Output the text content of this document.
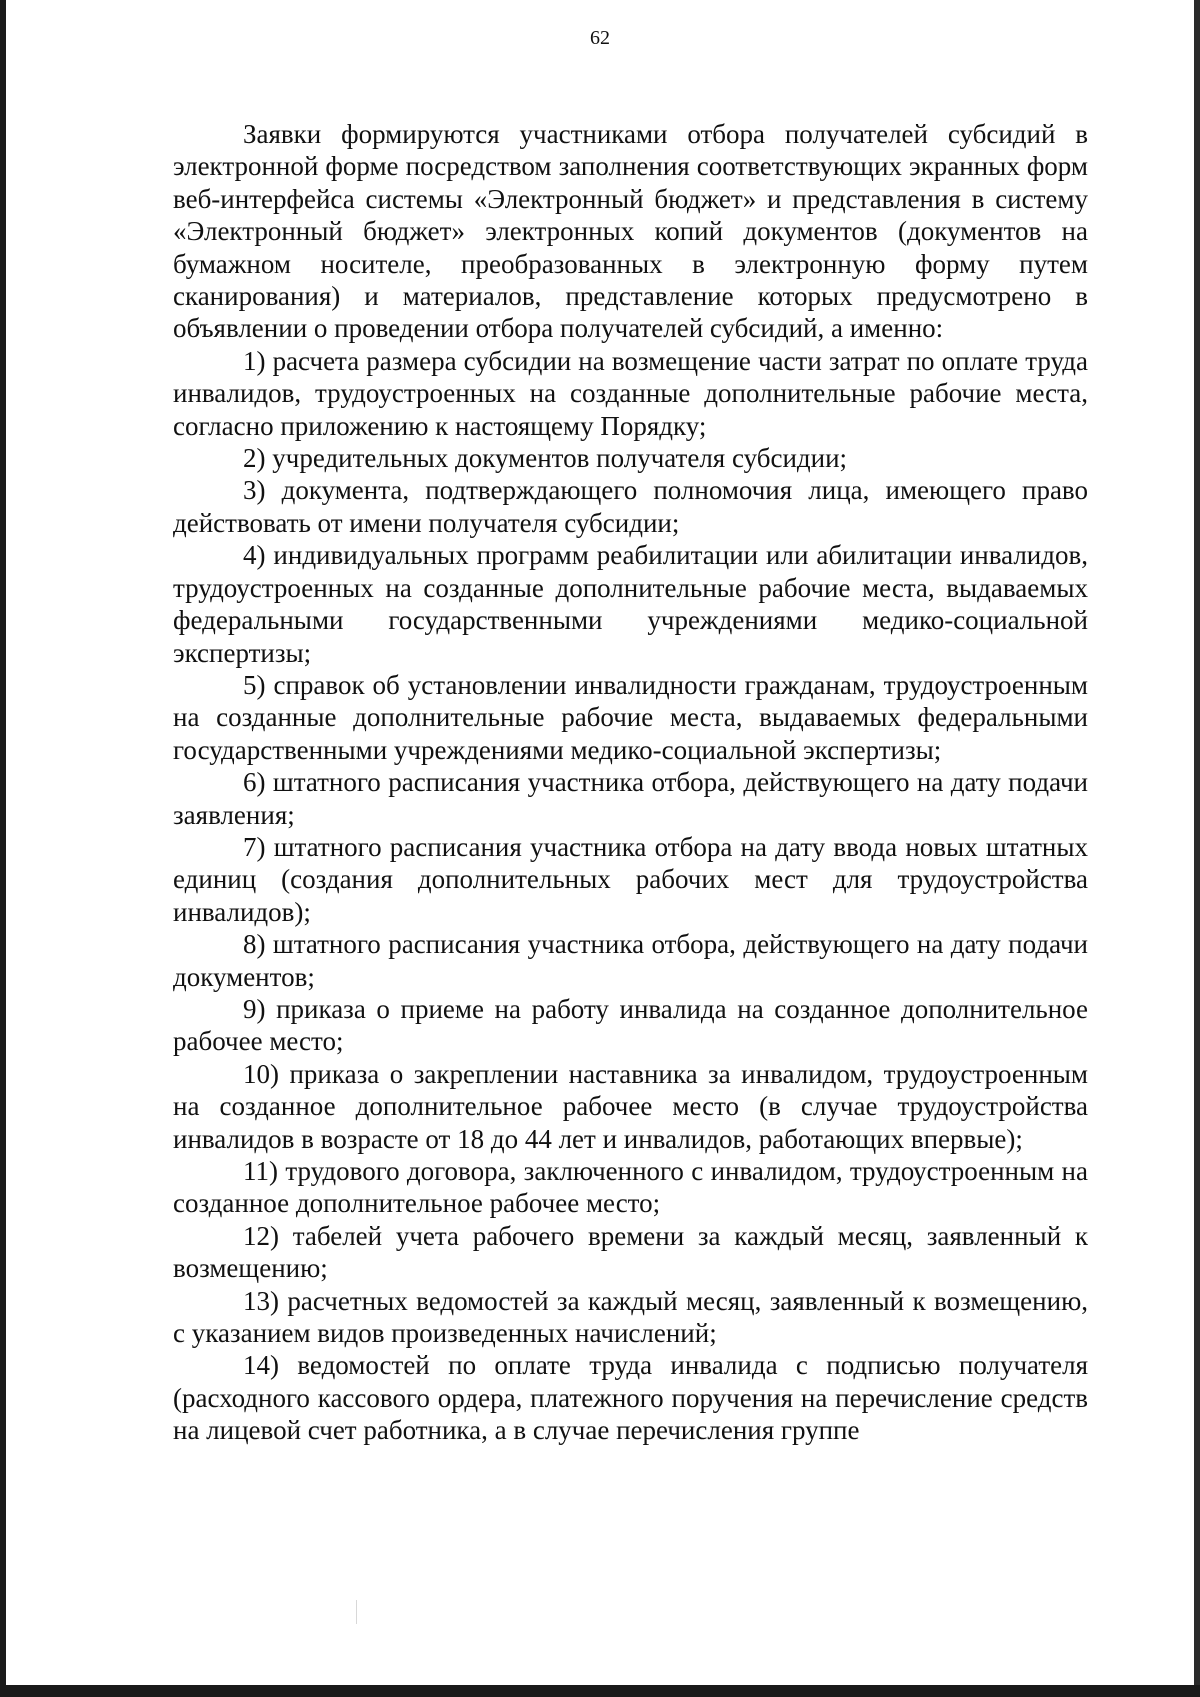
62

Заявки формируются участниками отбора получателей субсидий в электронной форме посредством заполнения соответствующих экранных форм веб-интерфейса системы «Электронный бюджет» и представления в систему «Электронный бюджет» электронных копий документов (документов на бумажном носителе, преобразованных в электронную форму путем сканирования) и материалов, представление которых предусмотрено в объявлении о проведении отбора получателей субсидий, а именно:

1) расчета размера субсидии на возмещение части затрат по оплате труда инвалидов, трудоустроенных на созданные дополнительные рабочие места, согласно приложению к настоящему Порядку;

2) учредительных документов получателя субсидии;

3) документа, подтверждающего полномочия лица, имеющего право действовать от имени получателя субсидии;

4) индивидуальных программ реабилитации или абилитации инвалидов, трудоустроенных на созданные дополнительные рабочие места, выдаваемых федеральными государственными учреждениями медико-социальной экспертизы;

5) справок об установлении инвалидности гражданам, трудоустроенным на созданные дополнительные рабочие места, выдаваемых федеральными государственными учреждениями медико-социальной экспертизы;

6) штатного расписания участника отбора, действующего на дату подачи заявления;

7) штатного расписания участника отбора на дату ввода новых штатных единиц (создания дополнительных рабочих мест для трудоустройства инвалидов);

8) штатного расписания участника отбора, действующего на дату подачи документов;

9) приказа о приеме на работу инвалида на созданное дополнительное рабочее место;

10) приказа о закреплении наставника за инвалидом, трудоустроенным на созданное дополнительное рабочее место (в случае трудоустройства инвалидов в возрасте от 18 до 44 лет и инвалидов, работающих впервые);

11) трудового договора, заключенного с инвалидом, трудоустроенным на созданное дополнительное рабочее место;

12) табелей учета рабочего времени за каждый месяц, заявленный к возмещению;

13) расчетных ведомостей за каждый месяц, заявленный к возмещению, с указанием видов произведенных начислений;

14) ведомостей по оплате труда инвалида с подписью получателя (расходного кассового ордера, платежного поручения на перечисление средств на лицевой счет работника, а в случае перечисления группе
